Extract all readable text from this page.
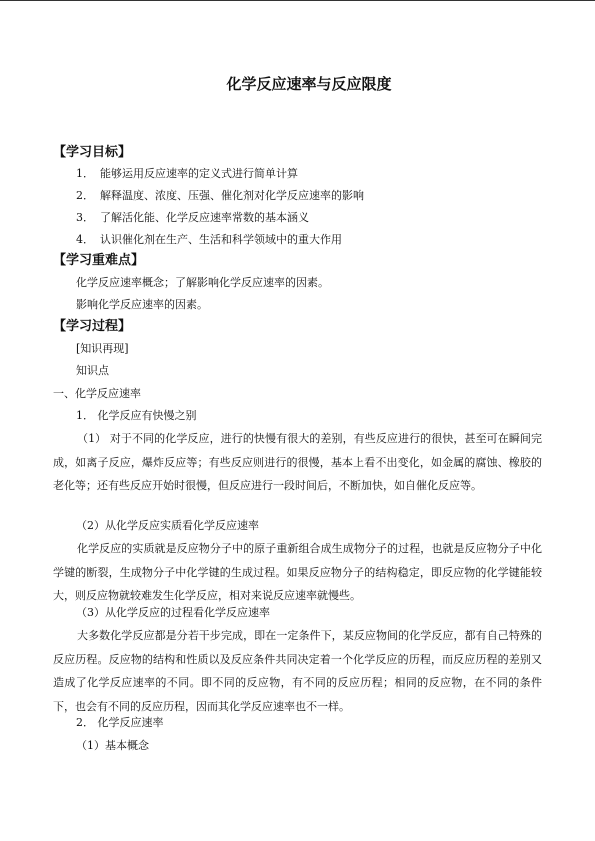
化学反应速率与反应限度
【学习目标】
1． 能够运用反应速率的定义式进行简单计算
2． 解释温度、浓度、压强、催化剂对化学反应速率的影响
3． 了解活化能、化学反应速率常数的基本涵义
4． 认识催化剂在生产、生活和科学领域中的重大作用
【学习重难点】
化学反应速率概念；了解影响化学反应速率的因素。
影响化学反应速率的因素。
【学习过程】
[知识再现]
知识点
一、化学反应速率
1． 化学反应有快慢之别
（1） 对于不同的化学反应，进行的快慢有很大的差别，有些反应进行的很快，甚至可在瞬间完成，如离子反应，爆炸反应等；有些反应则进行的很慢，基本上看不出变化，如金属的腐蚀、橡胶的老化等；还有些反应开始时很慢，但反应进行一段时间后，不断加快，如自催化反应等。
（2）从化学反应实质看化学反应速率
化学反应的实质就是反应物分子中的原子重新组合成生成物分子的过程，也就是反应物分子中化学键的断裂，生成物分子中化学键的生成过程。如果反应物分子的结构稳定，即反应物的化学键能较大，则反应物就较难发生化学反应，相对来说反应速率就慢些。
（3）从化学反应的过程看化学反应速率
大多数化学反应都是分若干步完成，即在一定条件下，某反应物间的化学反应，都有自己特殊的反应历程。反应物的结构和性质以及反应条件共同决定着一个化学反应的历程，而反应历程的差别又造成了化学反应速率的不同。即不同的反应物，有不同的反应历程；相同的反应物，在不同的条件下，也会有不同的反应历程，因而其化学反应速率也不一样。
2． 化学反应速率
（1）基本概念
